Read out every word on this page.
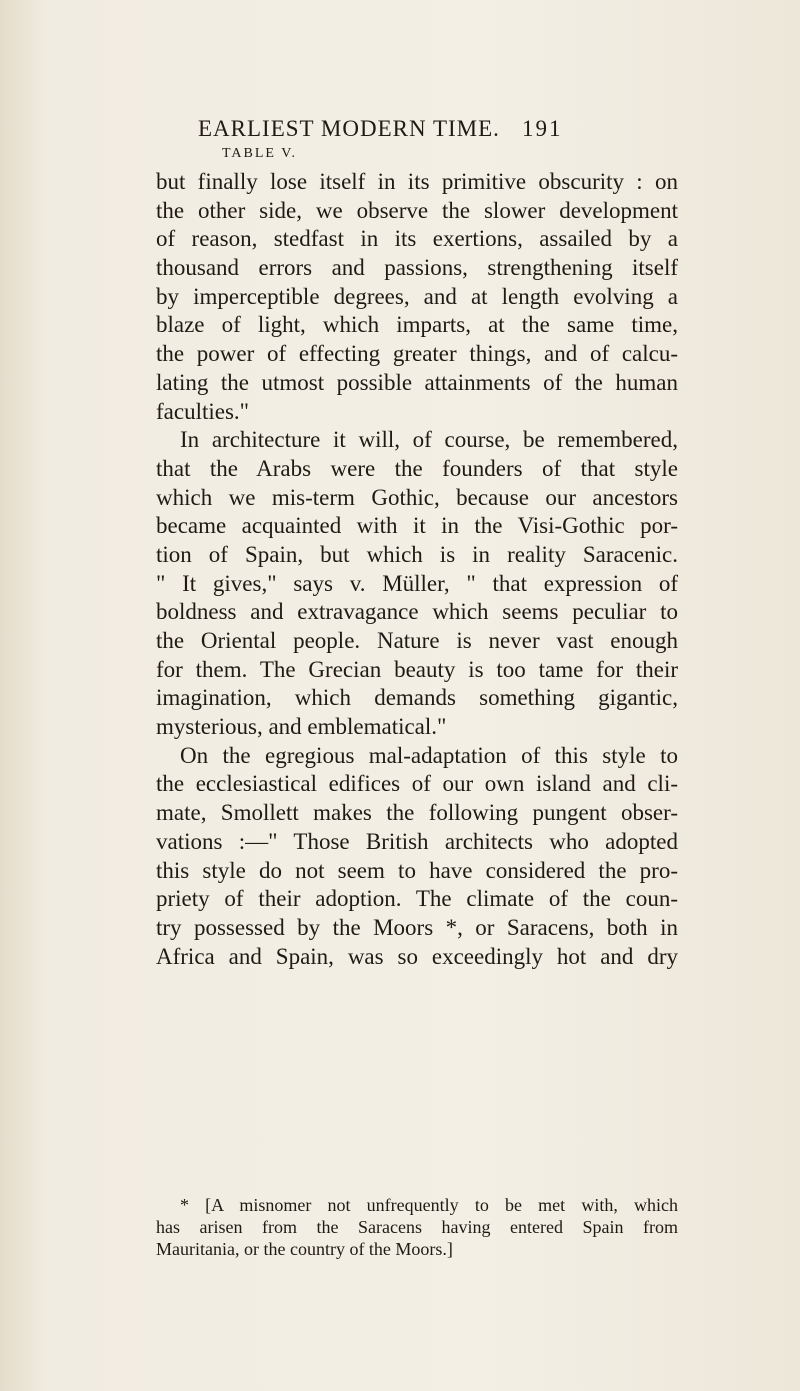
EARLIEST MODERN TIME. 191
TABLE V.
but finally lose itself in its primitive obscurity : on
the other side, we observe the slower development
of reason, stedfast in its exertions, assailed by a
thousand errors and passions, strengthening itself
by imperceptible degrees, and at length evolving a
blaze of light, which imparts, at the same time,
the power of effecting greater things, and of calcu-
lating the utmost possible attainments of the human
faculties."
In architecture it will, of course, be remembered,
that the Arabs were the founders of that style
which we mis-term Gothic, because our ancestors
became acquainted with it in the Visi-Gothic por-
tion of Spain, but which is in reality Saracenic.
" It gives," says v. Müller, " that expression of
boldness and extravagance which seems peculiar to
the Oriental people. Nature is never vast enough
for them. The Grecian beauty is too tame for their
imagination, which demands something gigantic,
mysterious, and emblematical."
On the egregious mal-adaptation of this style to
the ecclesiastical edifices of our own island and cli-
mate, Smollett makes the following pungent obser-
vations :—" Those British architects who adopted
this style do not seem to have considered the pro-
priety of their adoption. The climate of the coun-
try possessed by the Moors *, or Saracens, both in
Africa and Spain, was so exceedingly hot and dry
* [A misnomer not unfrequently to be met with, which
has arisen from the Saracens having entered Spain from
Mauritania, or the country of the Moors.]
